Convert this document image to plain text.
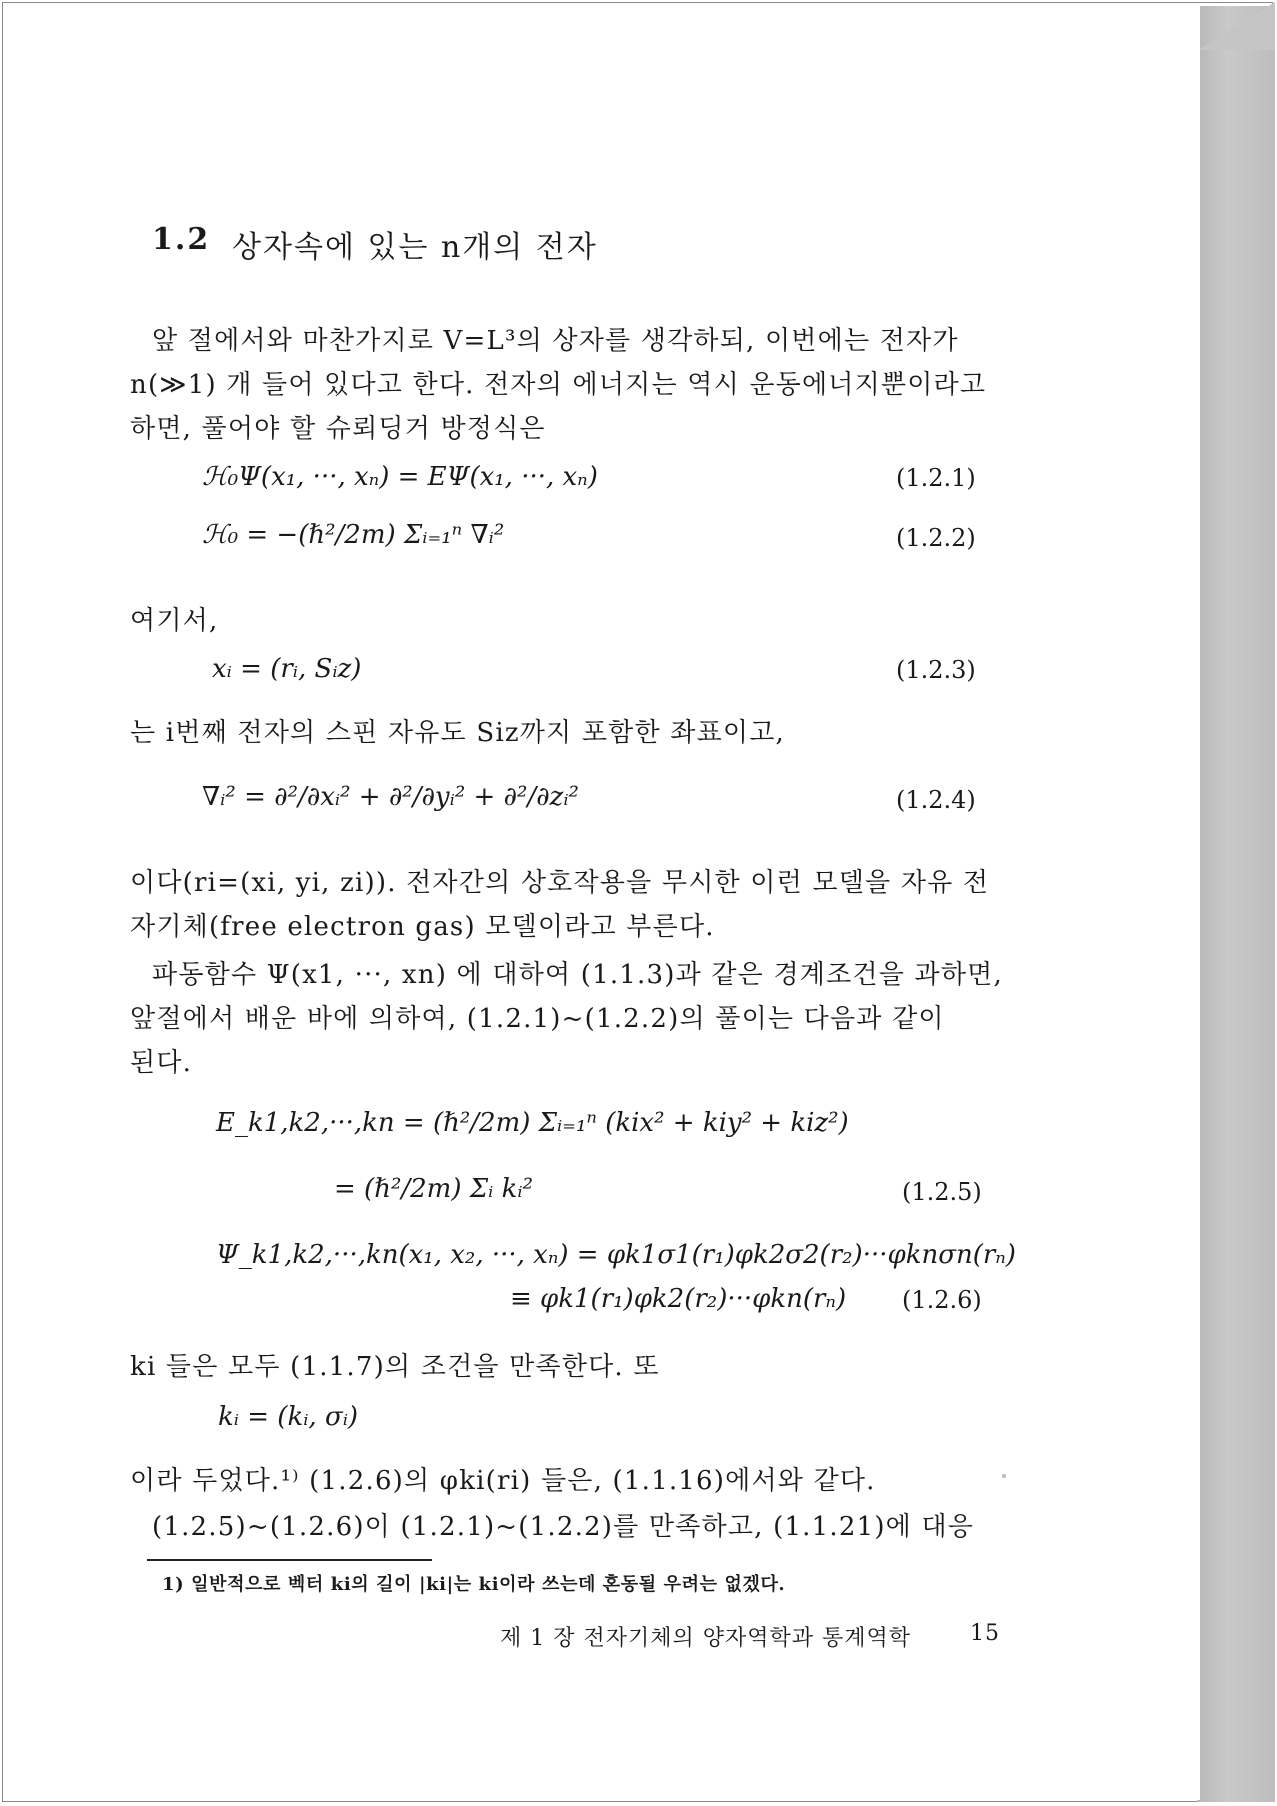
1.2 상자속에 있는 n개의 전자
앞 절에서와 마찬가지로 V=L³의 상자를 생각하되, 이번에는 전자가
n(≫1) 개 들어 있다고 한다. 전자의 에너지는 역시 운동에너지뿐이라고
하면, 풀어야 할 슈뢰딩거 방정식은
ℋ₀Ψ(x₁, ···, xₙ) = EΨ(x₁, ···, xₙ)	(1.2.1)
ℋ₀ = −(ℏ²/2m) Σᵢ₌₁ⁿ ∇ᵢ²	(1.2.2)
여기서,
xᵢ = (rᵢ, Sᵢz)	(1.2.3)
는 i번째 전자의 스핀 자유도 Siz까지 포함한 좌표이고,
∇ᵢ² = ∂²/∂xᵢ² + ∂²/∂yᵢ² + ∂²/∂zᵢ²	(1.2.4)
이다(ri=(xi, yi, zi)). 전자간의 상호작용을 무시한 이런 모델을 자유 전
자기체(free electron gas) 모델이라고 부른다.
파동함수 Ψ(x1, ···, xn) 에 대하여 (1.1.3)과 같은 경계조건을 과하면,
앞절에서 배운 바에 의하여, (1.2.1)~(1.2.2)의 풀이는 다음과 같이
된다.
E_k1,k2,···,kn = (ℏ²/2m) Σᵢ₌₁ⁿ (kix² + kiy² + kiz²)
= (ℏ²/2m) Σᵢ kᵢ²	(1.2.5)
Ψ_k1,k2,···,kn(x₁, x₂, ···, xₙ) = φk1σ1(r₁)φk2σ2(r₂)···φknσn(rₙ)
≡ φk1(r₁)φk2(r₂)···φkn(rₙ) (1.2.6)
ki 들은 모두 (1.1.7)의 조건을 만족한다. 또
kᵢ = (kᵢ, σᵢ)
이라 두었다.¹⁾ (1.2.6)의 φki(ri) 들은, (1.1.16)에서와 같다.
(1.2.5)~(1.2.6)이 (1.2.1)~(1.2.2)를 만족하고, (1.1.21)에 대응
1) 일반적으로 벡터 ki의 길이 |ki|는 ki이라 쓰는데 혼동될 우려는 없겠다.
제 1 장 전자기체의 양자역학과 통계역학	15
